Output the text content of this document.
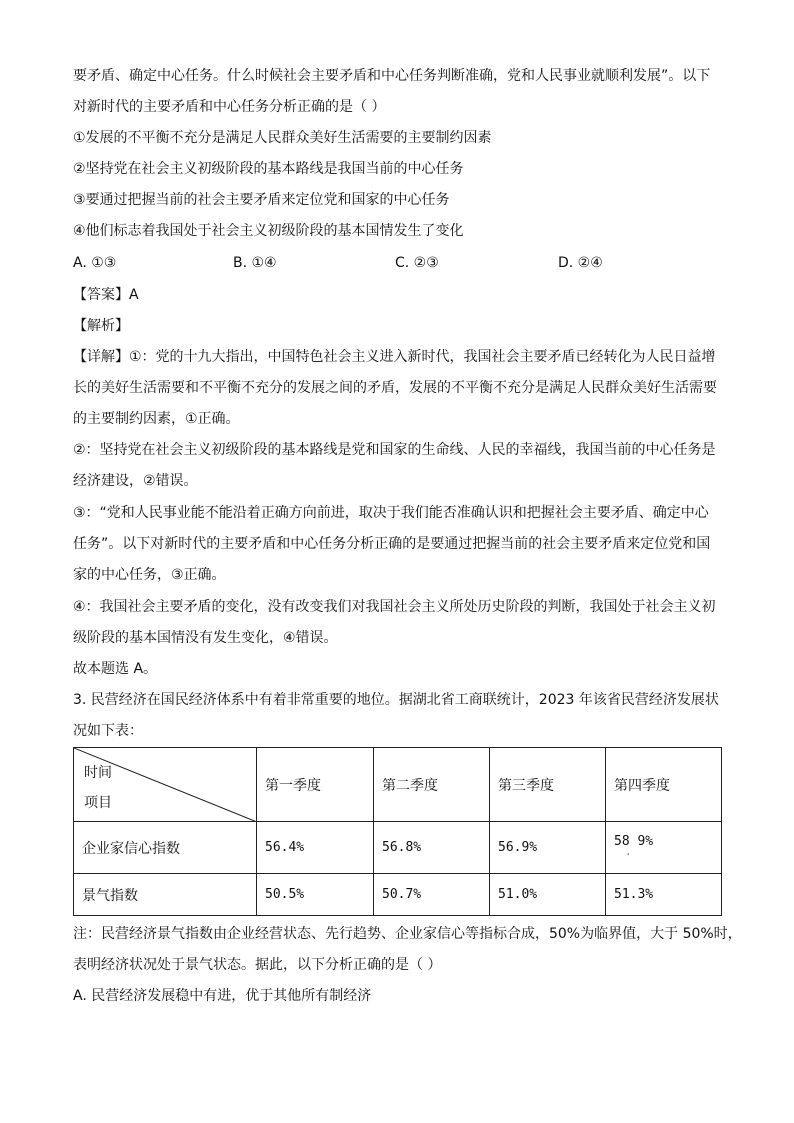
要矛盾、确定中心任务。什么时候社会主要矛盾和中心任务判断准确，党和人民事业就顺利发展”。以下
对新时代的主要矛盾和中心任务分析正确的是（ ）
①发展的不平衡不充分是满足人民群众美好生活需要的主要制约因素
②坚持党在社会主义初级阶段的基本路线是我国当前的中心任务
③要通过把握当前的社会主要矛盾来定位党和国家的中心任务
④他们标志着我国处于社会主义初级阶段的基本国情发生了变化
A. ①③	B. ①④	C. ②③	D. ②④
【答案】A
【解析】
【详解】①：党的十九大指出，中国特色社会主义进入新时代，我国社会主要矛盾已经转化为人民日益增
长的美好生活需要和不平衡不充分的发展之间的矛盾，发展的不平衡不充分是满足人民群众美好生活需要
的主要制约因素，①正确。
②：坚持党在社会主义初级阶段的基本路线是党和国家的生命线、人民的幸福线，我国当前的中心任务是
经济建设，②错误。
③：“党和人民事业能不能沿着正确方向前进，取决于我们能否准确认识和把握社会主要矛盾、确定中心
任务”。以下对新时代的主要矛盾和中心任务分析正确的是要通过把握当前的社会主要矛盾来定位党和国
家的中心任务，③正确。
④：我国社会主要矛盾的变化，没有改变我们对我国社会主义所处历史阶段的判断，我国处于社会主义初
级阶段的基本国情没有发生变化，④错误。
故本题选 A。
3. 民营经济在国民经济体系中有着非常重要的地位。据湖北省工商联统计，2023 年该省民营经济发展状
况如下表：
时间
项目	第一季度	第二季度	第三季度	第四季度
企业家信心指数	56.4%	56.8%	56.9%	58 9%
景气指数	50.5%	50.7%	51.0%	51.3%
'
注：民营经济景气指数由企业经营状态、先行趋势、企业家信心等指标合成，50%为临界值，大于 50%时，
表明经济状况处于景气状态。据此，以下分析正确的是（ ）
A. 民营经济发展稳中有进，优于其他所有制经济
